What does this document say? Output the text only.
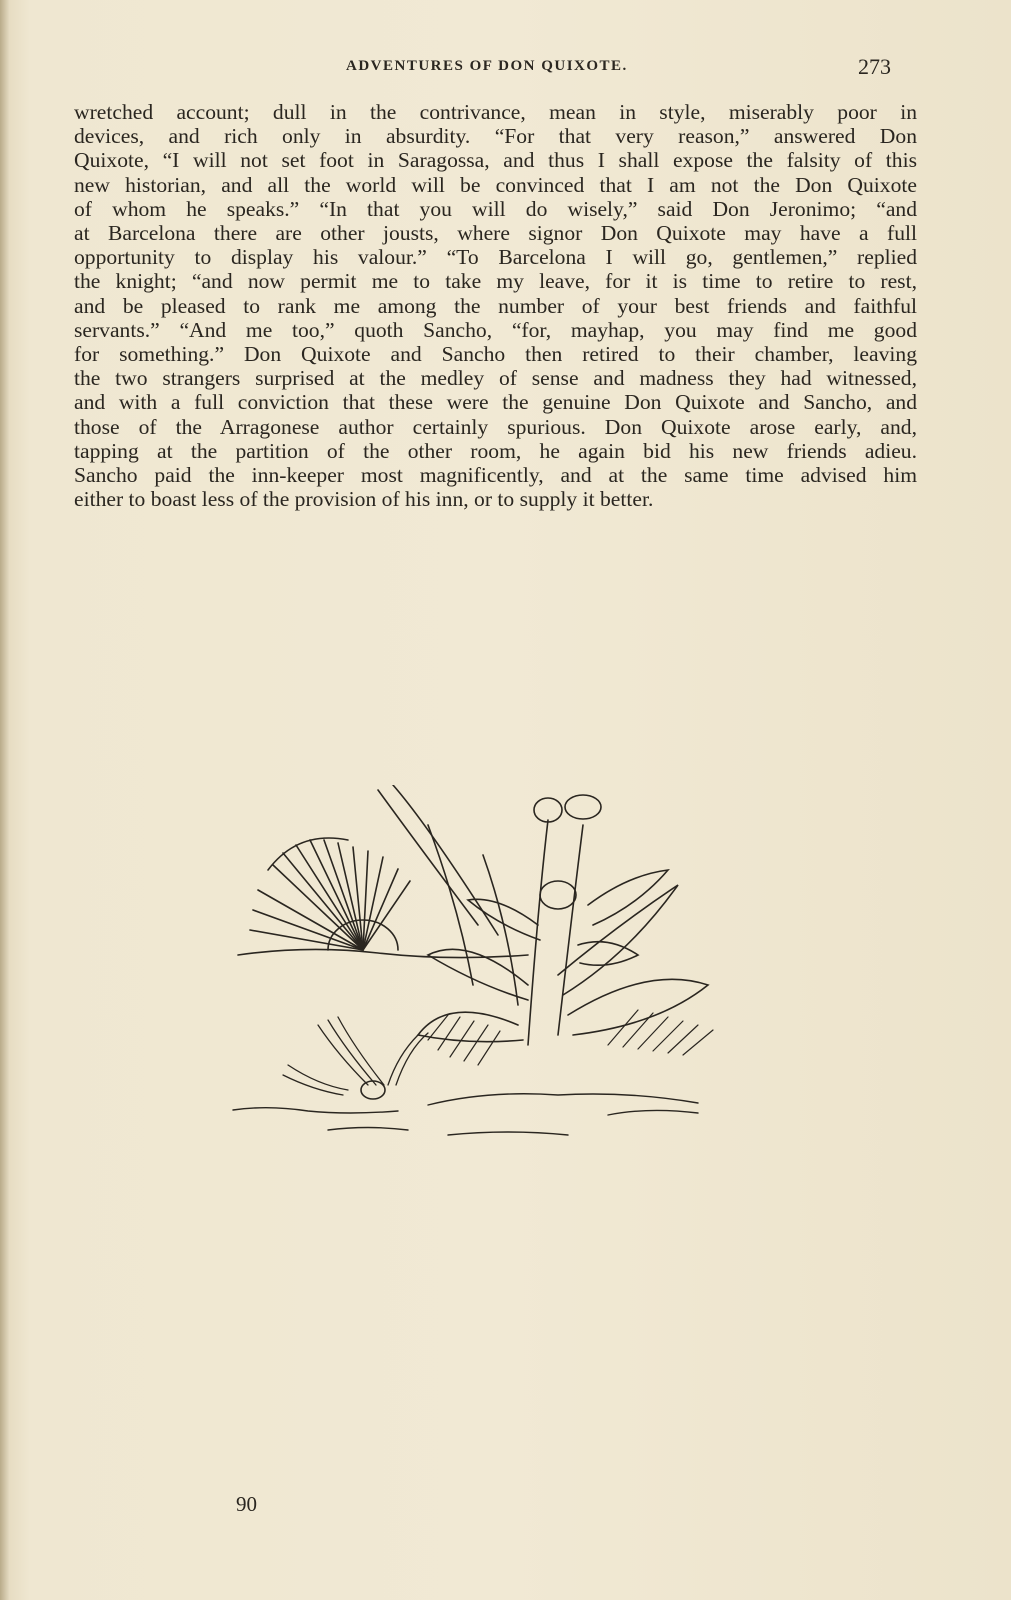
ADVENTURES OF DON QUIXOTE.	273
wretched account; dull in the contrivance, mean in style, miserably poor in
devices, and rich only in absurdity. “For that very reason,” answered Don
Quixote, “I will not set foot in Saragossa, and thus I shall expose the falsity of this
new historian, and all the world will be convinced that I am not the Don Quixote
of whom he speaks.” “In that you will do wisely,” said Don Jeronimo; “and
at Barcelona there are other jousts, where signor Don Quixote may have a full
opportunity to display his valour.” “To Barcelona I will go, gentlemen,” replied
the knight; “and now permit me to take my leave, for it is time to retire to rest,
and be pleased to rank me among the number of your best friends and faithful
servants.” “And me too,” quoth Sancho, “for, mayhap, you may find me good
for something.” Don Quixote and Sancho then retired to their chamber, leaving
the two strangers surprised at the medley of sense and madness they had witnessed,
and with a full conviction that these were the genuine Don Quixote and Sancho, and
those of the Arragonese author certainly spurious. Don Quixote arose early, and,
tapping at the partition of the other room, he again bid his new friends adieu.
Sancho paid the inn-keeper most magnificently, and at the same time advised him
either to boast less of the provision of his inn, or to supply it better.
90
